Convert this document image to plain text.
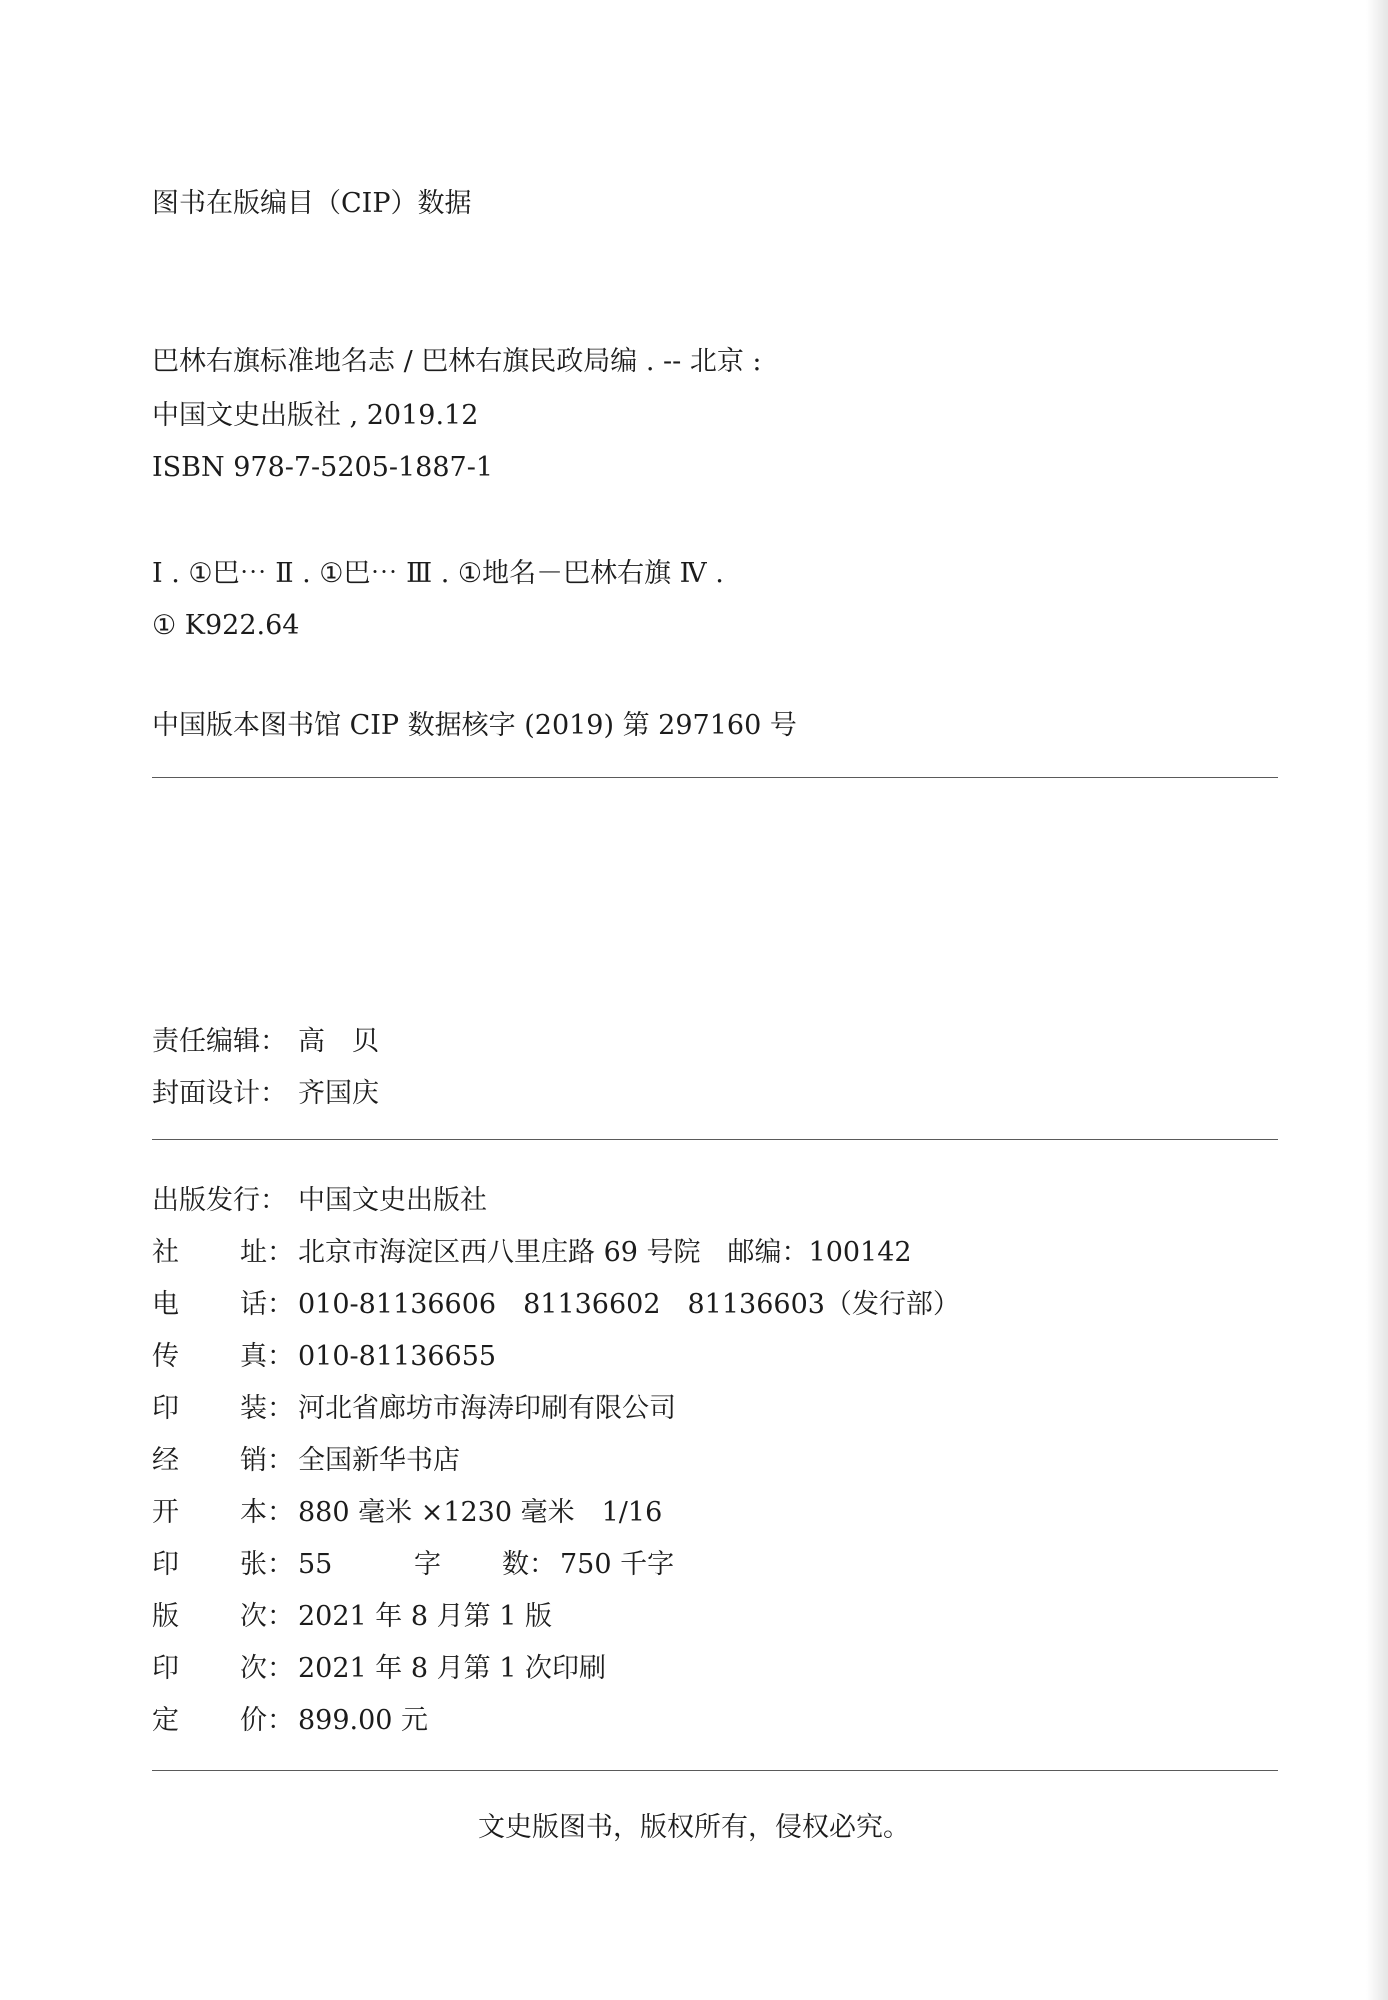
图书在版编目（CIP）数据
巴林右旗标准地名志 / 巴林右旗民政局编 . -- 北京 :
中国文史出版社 , 2019.12
ISBN 978-7-5205-1887-1
Ⅰ . ①巴⋯ Ⅱ . ①巴⋯ Ⅲ . ①地名－巴林右旗 Ⅳ .
① K922.64
中国版本图书馆 CIP 数据核字 (2019) 第 297160 号
责任编辑： 高　贝
封面设计： 齐国庆
出版发行： 中国文史出版社
社 址： 北京市海淀区西八里庄路 69 号院　邮编：100142
电 话： 010-81136606　81136602　81136603（发行部）
传 真： 010-81136655
印 装： 河北省廊坊市海涛印刷有限公司
经 销： 全国新华书店
开 本： 880 毫米 ×1230 毫米　1/16
印 张： 55	字 数： 750 千字
版 次： 2021 年 8 月第 1 版
印 次： 2021 年 8 月第 1 次印刷
定 价： 899.00 元
文史版图书，版权所有，侵权必究。
